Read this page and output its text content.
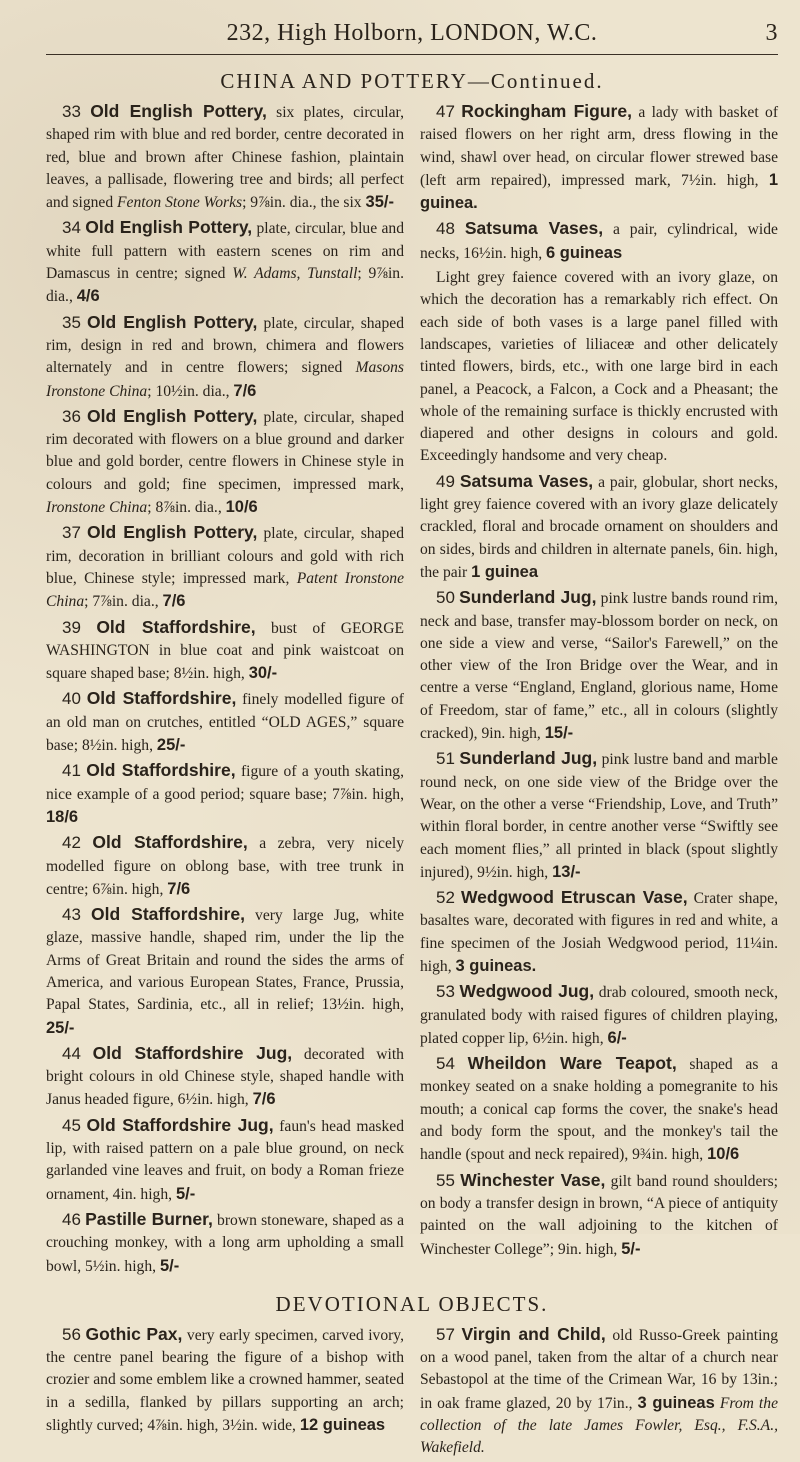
232, High Holborn, LONDON, W.C.	3
CHINA AND POTTERY—Continued.

33 Old English Pottery, six plates, circular, shaped rim with blue and red border, centre decorated in red, blue and brown after Chinese fashion, plaintain leaves, a pallisade, flowering tree and birds; all perfect and signed Fenton Stone Works; 9⅞in. dia., the six 35/-

34 Old English Pottery, plate, circular, blue and white full pattern with eastern scenes on rim and Damascus in centre; signed W. Adams, Tunstall; 9⅞in. dia., 4/6

35 Old English Pottery, plate, circular, shaped rim, design in red and brown, chimera and flowers alternately and in centre flowers; signed Masons Ironstone China; 10½in. dia., 7/6

36 Old English Pottery, plate, circular, shaped rim decorated with flowers on a blue ground and darker blue and gold border, centre flowers in Chinese style in colours and gold; fine specimen, impressed mark, Ironstone China; 8⅞in. dia., 10/6

37 Old English Pottery, plate, circular, shaped rim, decoration in brilliant colours and gold with rich blue, Chinese style; impressed mark, Patent Ironstone China; 7⅞in. dia., 7/6

39 Old Staffordshire, bust of GEORGE WASHINGTON in blue coat and pink waistcoat on square shaped base; 8½in. high, 30/-

40 Old Staffordshire, finely modelled figure of an old man on crutches, entitled “OLD AGES,” square base; 8½in. high, 25/-

41 Old Staffordshire, figure of a youth skating, nice example of a good period; square base; 7⅞in. high, 18/6

42 Old Staffordshire, a zebra, very nicely modelled figure on oblong base, with tree trunk in centre; 6⅞in. high, 7/6

43 Old Staffordshire, very large Jug, white glaze, massive handle, shaped rim, under the lip the Arms of Great Britain and round the sides the arms of America, and various European States, France, Prussia, Papal States, Sardinia, etc., all in relief; 13½in. high, 25/-

44 Old Staffordshire Jug, decorated with bright colours in old Chinese style, shaped handle with Janus headed figure, 6½in. high, 7/6

45 Old Staffordshire Jug, faun's head masked lip, with raised pattern on a pale blue ground, on neck garlanded vine leaves and fruit, on body a Roman frieze ornament, 4in. high, 5/-

46 Pastille Burner, brown stoneware, shaped as a crouching monkey, with a long arm upholding a small bowl, 5½in. high, 5/-

47 Rockingham Figure, a lady with basket of raised flowers on her right arm, dress flowing in the wind, shawl over head, on circular flower strewed base (left arm repaired), impressed mark, 7½in. high, 1 guinea.

48 Satsuma Vases, a pair, cylindrical, wide necks, 16½in. high, 6 guineas

Light grey faience covered with an ivory glaze, on which the decoration has a remarkably rich effect. On each side of both vases is a large panel filled with landscapes, varieties of liliaceæ and other delicately tinted flowers, birds, etc., with one large bird in each panel, a Peacock, a Falcon, a Cock and a Pheasant; the whole of the remaining surface is thickly encrusted with diapered and other designs in colours and gold. Exceedingly handsome and very cheap.

49 Satsuma Vases, a pair, globular, short necks, light grey faience covered with an ivory glaze delicately crackled, floral and brocade ornament on shoulders and on sides, birds and children in alternate panels, 6in. high, the pair 1 guinea

50 Sunderland Jug, pink lustre bands round rim, neck and base, transfer may-blossom border on neck, on one side a view and verse, “Sailor's Farewell,” on the other view of the Iron Bridge over the Wear, and in centre a verse “England, England, glorious name, Home of Freedom, star of fame,” etc., all in colours (slightly cracked), 9in. high, 15/-

51 Sunderland Jug, pink lustre band and marble round neck, on one side view of the Bridge over the Wear, on the other a verse “Friendship, Love, and Truth” within floral border, in centre another verse “Swiftly see each moment flies,” all printed in black (spout slightly injured), 9½in. high, 13/-

52 Wedgwood Etruscan Vase, Crater shape, basaltes ware, decorated with figures in red and white, a fine specimen of the Josiah Wedgwood period, 11¼in. high, 3 guineas.

53 Wedgwood Jug, drab coloured, smooth neck, granulated body with raised figures of children playing, plated copper lip, 6½in. high, 6/-

54 Wheildon Ware Teapot, shaped as a monkey seated on a snake holding a pomegranite to his mouth; a conical cap forms the cover, the snake's head and body form the spout, and the monkey's tail the handle (spout and neck repaired), 9¾in. high, 10/6

55 Winchester Vase, gilt band round shoulders; on body a transfer design in brown, “A piece of antiquity painted on the wall adjoining to the kitchen of Winchester College”; 9in. high, 5/-

DEVOTIONAL OBJECTS.

56 Gothic Pax, very early specimen, carved ivory, the centre panel bearing the figure of a bishop with crozier and some emblem like a crowned hammer, seated in a sedilla, flanked by pillars supporting an arch; slightly curved; 4⅞in. high, 3½in. wide, 12 guineas

57 Virgin and Child, old Russo-Greek painting on a wood panel, taken from the altar of a church near Sebastopol at the time of the Crimean War, 16 by 13in.; in oak frame glazed, 20 by 17in., 3 guineas From the collection of the late James Fowler, Esq., F.S.A., Wakefield.
